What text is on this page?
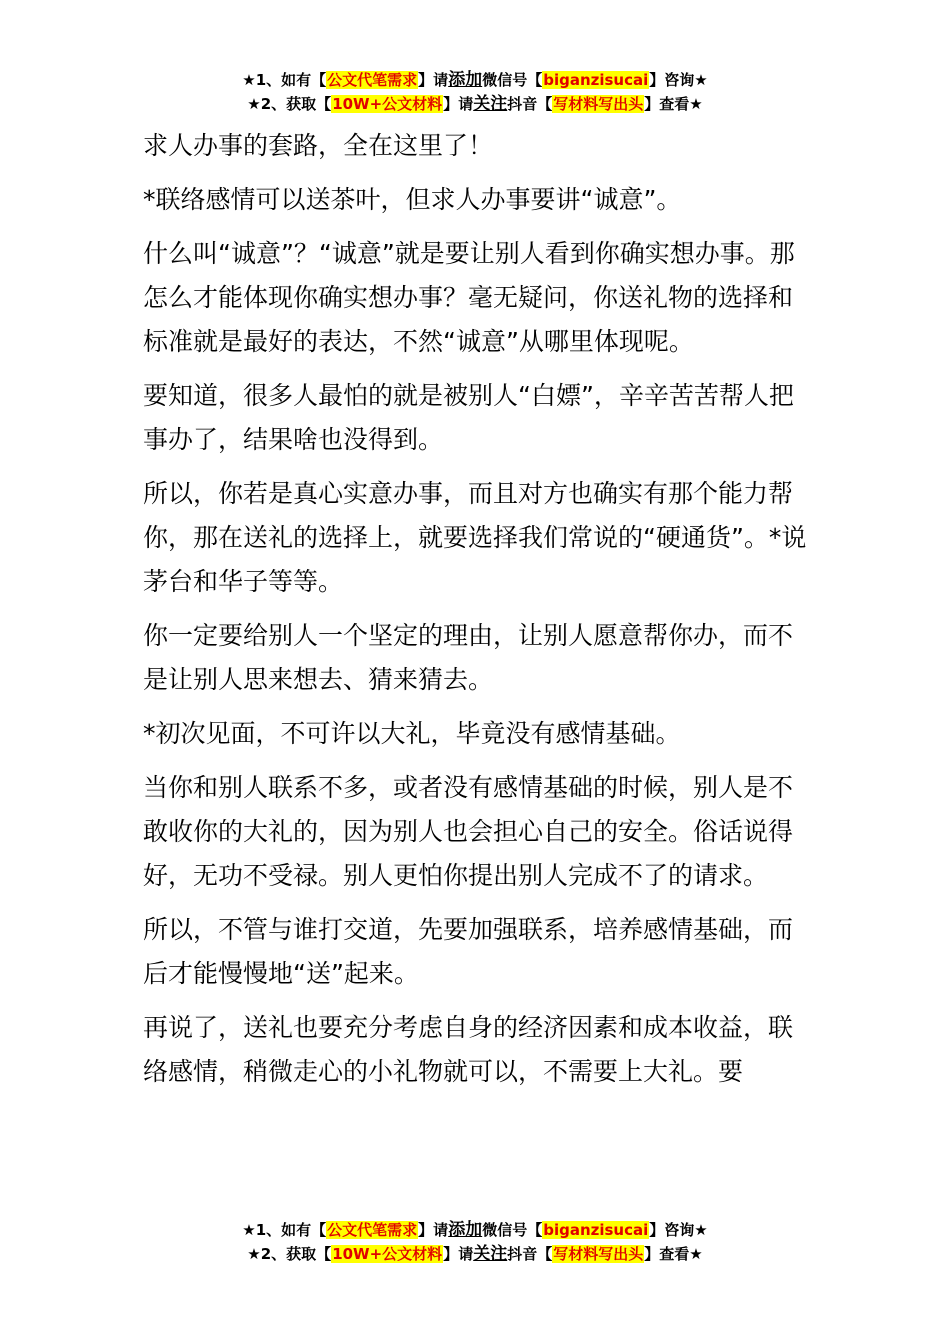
★1、如有【公文代笔需求】请添加微信号【biganzisucai】咨询★
★2、获取【10W+公文材料】请关注抖音【写材料写出头】查看★

求人办事的套路，全在这里了！

*联络感情可以送茶叶，但求人办事要讲“诚意”。

什么叫“诚意”？“诚意”就是要让别人看到你确实想办事。那怎么才能体现你确实想办事？毫无疑问，你送礼物的选择和标准就是最好的表达，不然“诚意”从哪里体现呢。

要知道，很多人最怕的就是被别人“白嫖”，辛辛苦苦帮人把事办了，结果啥也没得到。

所以，你若是真心实意办事，而且对方也确实有那个能力帮你，那在送礼的选择上，就要选择我们常说的“硬通货”。*说茅台和华子等等。

你一定要给别人一个坚定的理由，让别人愿意帮你办，而不是让别人思来想去、猜来猜去。

*初次见面，不可许以大礼，毕竟没有感情基础。

当你和别人联系不多，或者没有感情基础的时候，别人是不敢收你的大礼的，因为别人也会担心自己的安全。俗话说得好，无功不受禄。别人更怕你提出别人完成不了的请求。

所以，不管与谁打交道，先要加强联系，培养感情基础，而后才能慢慢地“送”起来。

再说了，送礼也要充分考虑自身的经济因素和成本收益，联络感情，稍微走心的小礼物就可以，不需要上大礼。要

★1、如有【公文代笔需求】请添加微信号【biganzisucai】咨询★
★2、获取【10W+公文材料】请关注抖音【写材料写出头】查看★
